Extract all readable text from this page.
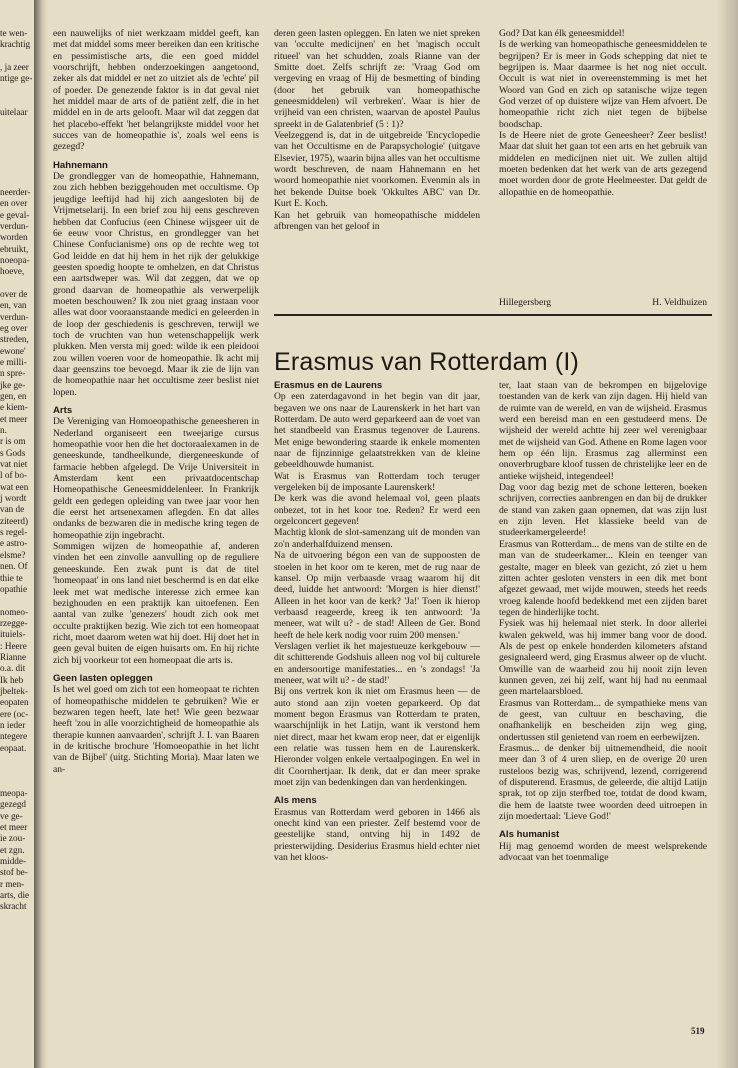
te wen-

krachtig

, ja zeer

ntige ge-

uitelaar

neerder-

en over

e geval-

verdun-

worden

ebruikt,

noeopa-

hoeve,

over de

en, van

verdun-

eg over

streden,

ewone'

e milli-

n spre-

jke ge-

gen, en

e kiem-

et meer

n.

r is om

s Gods

vat niet

l of bo-

wat een

j wordt

van de

ziteerd)

s regel-

e astro-

elsme?

nen. Of

thie te

opathie

nomeo-

rzegge-

ituiels-

: Heere

Rianne

o.a. dit

Ik heb

jbeltek-

eopaten

ere (oc-

n ieder

ntegere

eopaat.

meopa-

gezegd

ve ge-

et meer

ie zou-

et zgn.

midde-

stof be-

r men-

arts, die

skracht

een nauwelijks of niet werkzaam middel geeft, kan met dat middel soms meer bereiken dan een kritische en pessimistische arts, die een goed middel voorschrijft, hebben onderzoekingen aangetoond, zeker als dat middel er net zo uitziet als de 'echte' pil of poeder. De genezende faktor is in dat geval niet het middel maar de arts of de patiënt zelf, die in het middel en in de arts gelooft. Maar wil dat zeggen dat het placebo-effekt 'het belangrijkste middel voor het succes van de homeopathie is', zoals wel eens is gezegd?

Hahnemann

De grondlegger van de homeopathie, Hahnemann, zou zich hebben beziggehouden met occultisme. Op jeugdige leeftijd had hij zich aangesloten bij de Vrijmetselarij. In een brief zou hij eens geschreven hebben dat Confucius (een Chinese wijsgeer uit de 6e eeuw voor Christus, en grondlegger van het Chinese Confucianisme) ons op de rechte weg tot God leidde en dat hij hem in het rijk der gelukkige geesten spoedig hoopte te omhelzen, en dat Christus een aartsdweper was. Wil dat zeggen, dat we op grond daarvan de homeopathie als verwerpelijk moeten beschouwen? Ik zou niet graag instaan voor alles wat door vooraanstaande medici en geleerden in de loop der geschiedenis is geschreven, terwijl we toch de vruchten van hun wetenschappelijk werk plukken. Men versta mij goed: wilde ik een pleidooi zou willen voeren voor de homeopathie. Ik acht mij daar geenszins toe bevoegd. Maar ik zie de lijn van de homeopathie naar het occultisme zeer beslist niet lopen.

Arts

De Vereniging van Homoeopathische geneesheren in Nederland organiseert een tweejarige cursus homeopathie voor hen die het doctoraalexamen in de geneeskunde, tandheelkunde, diergeneeskunde of farmacie hebben afgelegd. De Vrije Universiteit in Amsterdam kent een privaatdocentschap Homeopathische Geneesmiddelenleer. In Frankrijk geldt een gedegen opleiding van twee jaar voor hen die eerst het artsenexamen aflegden. En dat alles ondanks de bezwaren die in medische kring tegen de homeopathie zijn ingebracht.

Sommigen wijzen de homeopathie af, anderen vinden het een zinvolle aanvulling op de reguliere geneeskunde. Een zwak punt is dat de titel 'homeopaat' in ons land niet beschermd is en dat elke leek met wat medische interesse zich ermee kan bezighouden en een praktijk kan uitoefenen. Een aantal van zulke 'genezers' houdt zich ook met occulte praktijken bezig. Wie zich tot een homeopaat richt, moet daarom weten wat hij doet. Hij doet het in geen geval buiten de eigen huisarts om. En hij richte zich bij voorkeur tot een homeopaat die arts is.

Geen lasten opleggen

Is het wel goed om zich tot een homeopaat te richten of homeopathische middelen te gebruiken? Wie er bezwaren tegen heeft, late het! Wie geen bezwaar heeft 'zou in alle voorzichtigheid de homeopathie als therapie kunnen aanvaarden', schrijft J. I. van Baaren in de kritische brochure 'Homoeopathie in het licht van de Bijbel' (uitg. Stichting Moria). Maar laten we an-

deren geen lasten opleggen. En laten we niet spreken van 'occulte medicijnen' en het 'magisch occult ritueel' van het schudden, zoals Rianne van der Smitte doet. Zelfs schrijft ze: 'Vraag God om vergeving en vraag of Hij de besmetting of binding (door het gebruik van homeopathische geneesmiddelen) wil verbreken'. Waar is hier de vrijheid van een christen, waarvan de apostel Paulus spreekt in de Galatenbrief (5 : 1)?

Veelzeggend is, dat in de uitgebreide 'Encyclopedie van het Occultisme en de Parapsychologie' (uitgave Elsevier, 1975), waarin bijna alles van het occultisme wordt beschreven, de naam Hahnemann en het woord homeopathie niet voorkomen. Evenmin als in het bekende Duitse boek 'Okkultes ABC' van Dr. Kurt E. Koch.

Kan het gebruik van homeopathische middelen afbrengen van het geloof in

God? Dat kan élk geneesmiddel!

Is de werking van homeopathische geneesmiddelen te begrijpen? Er is meer in Gods schepping dat niet te begrijpen is. Maar daarmee is het nog niet occult. Occult is wat niet in overeenstemming is met het Woord van God en zich op satanische wijze tegen God verzet of op duistere wijze van Hem afvoert. De homeopathie richt zich niet tegen de bijbelse boodschap.

Is de Heere niet de grote Geneesheer? Zeer beslist! Maar dat sluit het gaan tot een arts en het gebruik van middelen en medicijnen niet uit. We zullen altijd moeten bedenken dat het werk van de arts gezegend moet worden door de grote Heelmeester. Dat geldt de allopathie en de homeopathie.

Hillegersberg	H. Veldhuizen
Erasmus van Rotterdam (I)
Erasmus en de Laurens

Op een zaterdagavond in het begin van dit jaar, begaven we ons naar de Laurenskerk in het hart van Rotterdam. De auto werd geparkeerd aan de voet van het standbeeld van Erasmus tegenover de Laurens. Met enige bewondering staarde ik enkele momenten naar de fijnzinnige gelaatstrekken van de kleine gebeeldhouwde humanist.

Wat is Erasmus van Rotterdam toch teruger vergeleken bij de imposante Laurenskerk!

De kerk was die avond helemaal vol, geen plaats onbezet, tot in het koor toe. Reden? Er werd een orgelconcert gegeven!

Machtig klonk de slot-samenzang uit de monden van zo'n anderhalfduizend mensen.

Na de uitvoering bégon een van de suppoosten de stoelen in het koor om te keren, met de rug naar de kansel. Op mijn verbaasde vraag waarom hij dit deed, luidde het antwoord: 'Morgen is hier dienst!' Alleen in het koor van de kerk? 'Ja!' Toen ik hierop verbaasd reageerde, kreeg ik ten antwoord: 'Ja meneer, wat wilt u? - de stad! Alleen de Ger. Bond heeft de hele kerk nodig voor ruim 200 mensen.'

Verslagen verliet ik het majestueuze kerkgebouw — dit schitterende Godshuis alleen nog vol bij culturele en andersoortige manifestaties... en 's zondags! 'Ja meneer, wat wilt u? - de stad!'

Bij ons vertrek kon ik niet om Erasmus heen — de auto stond aan zijn voeten geparkeerd. Op dat moment begon Erasmus van Rotterdam te praten, waarschijnlijk in het Latijn, want ik verstond hem niet direct, maar het kwam erop neer, dat er eigenlijk een relatie was tussen hem en de Laurenskerk. Hieronder volgen enkele vertaalpogingen. En wel in dit Coornhertjaar. Ik denk, dat er dan meer sprake moet zijn van bedenkingen dan van herdenkingen.

Als mens

Erasmus van Rotterdam werd geboren in 1466 als onecht kind van een priester. Zelf bestemd voor de geestelijke stand, ontving hij in 1492 de priesterwijding. Desiderius Erasmus hield echter niet van het kloos-

ter, laat staan van de bekrompen en bijgelovige toestanden van de kerk van zijn dagen. Hij hield van de ruimte van de wereld, en van de wijsheid. Erasmus werd een bereisd man en een gestudeerd mens. De wijsheid der wereld achtte hij zeer wel verenigbaar met de wijsheid van God. Athene en Rome lagen voor hem op één lijn. Erasmus zag allerminst een onoverbrugbare kloof tussen de christelijke leer en de antieke wijsheid, integendeel!

Dag voor dag bezig met de schone letteren, boeken schrijven, correcties aanbrengen en dan bij de drukker de stand van zaken gaan opnemen, dat was zijn lust en zijn leven. Het klassieke beeld van de studeerkamergeleerde!

Erasmus van Rotterdam... de mens van de stilte en de man van de studeerkamer... Klein en teenger van gestalte, mager en bleek van gezicht, zó ziet u hem zitten achter gesloten vensters in een dik met bont afgezet gewaad, met wijde mouwen, steeds het reeds vroeg kalende hoofd bedekkend met een zijden baret tegen de hinderlijke tocht.

Fysiek was hij helemaal niet sterk. In door allerlei kwalen gekweld, was hij immer bang voor de dood. Als de pest op enkele honderden kilometers afstand gesignaleerd werd, ging Erasmus alweer op de vlucht. Omwille van de waarheid zou hij nooit zijn leven kunnen geven, zei hij zelf, want hij had nu eenmaal geen martelaarsbloed.

Erasmus van Rotterdam... de sympathieke mens van de geest, van cultuur en beschaving, die onafhankelijk en bescheiden zijn weg ging, ondertussen stil genietend van roem en eerbewijzen.

Erasmus... de denker bij uitnemendheid, die nooit meer dan 3 of 4 uren sliep, en de overige 20 uren rusteloos bezig was, schrijvend, lezend, corrigerend of disputerend. Erasmus, de geleerde, die altijd Latijn sprak, tot op zijn sterfbed toe, totdat de dood kwam, die hem de laatste twee woorden deed uitroepen in zijn moedertaal: 'Lieve God!'

Als humanist

Hij mag genoemd worden de meest welsprekende advocaat van het toenmalige

519
